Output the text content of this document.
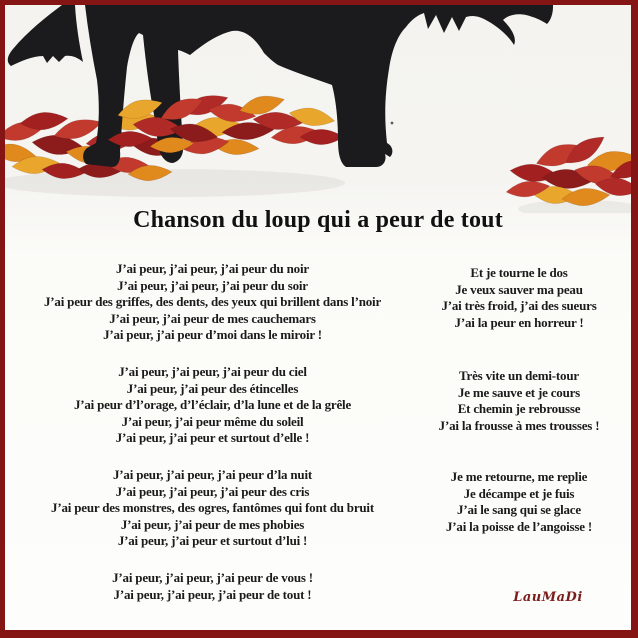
Chanson du loup qui a peur de tout
J’ai peur, j’ai peur, j’ai peur du noir
J’ai peur, j’ai peur, j’ai peur du soir
J’ai peur des griffes, des dents, des yeux qui brillent dans l’noir
J’ai peur, j’ai peur de mes cauchemars
J’ai peur, j’ai peur d’moi dans le miroir !
J’ai peur, j’ai peur, j’ai peur du ciel
J’ai peur, j’ai peur des étincelles
J’ai peur d’l’orage, d’l’éclair, d’la lune et de la grêle
J’ai peur, j’ai peur même du soleil
J’ai peur, j’ai peur et surtout d’elle !
J’ai peur, j’ai peur, j’ai peur d’la nuit
J’ai peur, j’ai peur, j’ai peur des cris
J’ai peur des monstres, des ogres, fantômes qui font du bruit
J’ai peur, j’ai peur de mes phobies
J’ai peur, j’ai peur et surtout d’lui !
J’ai peur, j’ai peur, j’ai peur de vous !
J’ai peur, j’ai peur, j’ai peur de tout !
Et je tourne le dos
Je veux sauver ma peau
J’ai très froid, j’ai des sueurs
J’ai la peur en horreur !
Très vite un demi-tour
Je me sauve et je cours
Et chemin je rebrousse
J’ai la frousse à mes trousses !
Je me retourne, me replie
Je décampe et je fuis
J’ai le sang qui se glace
J’ai la poisse de l’angoisse !
LauMaDi
